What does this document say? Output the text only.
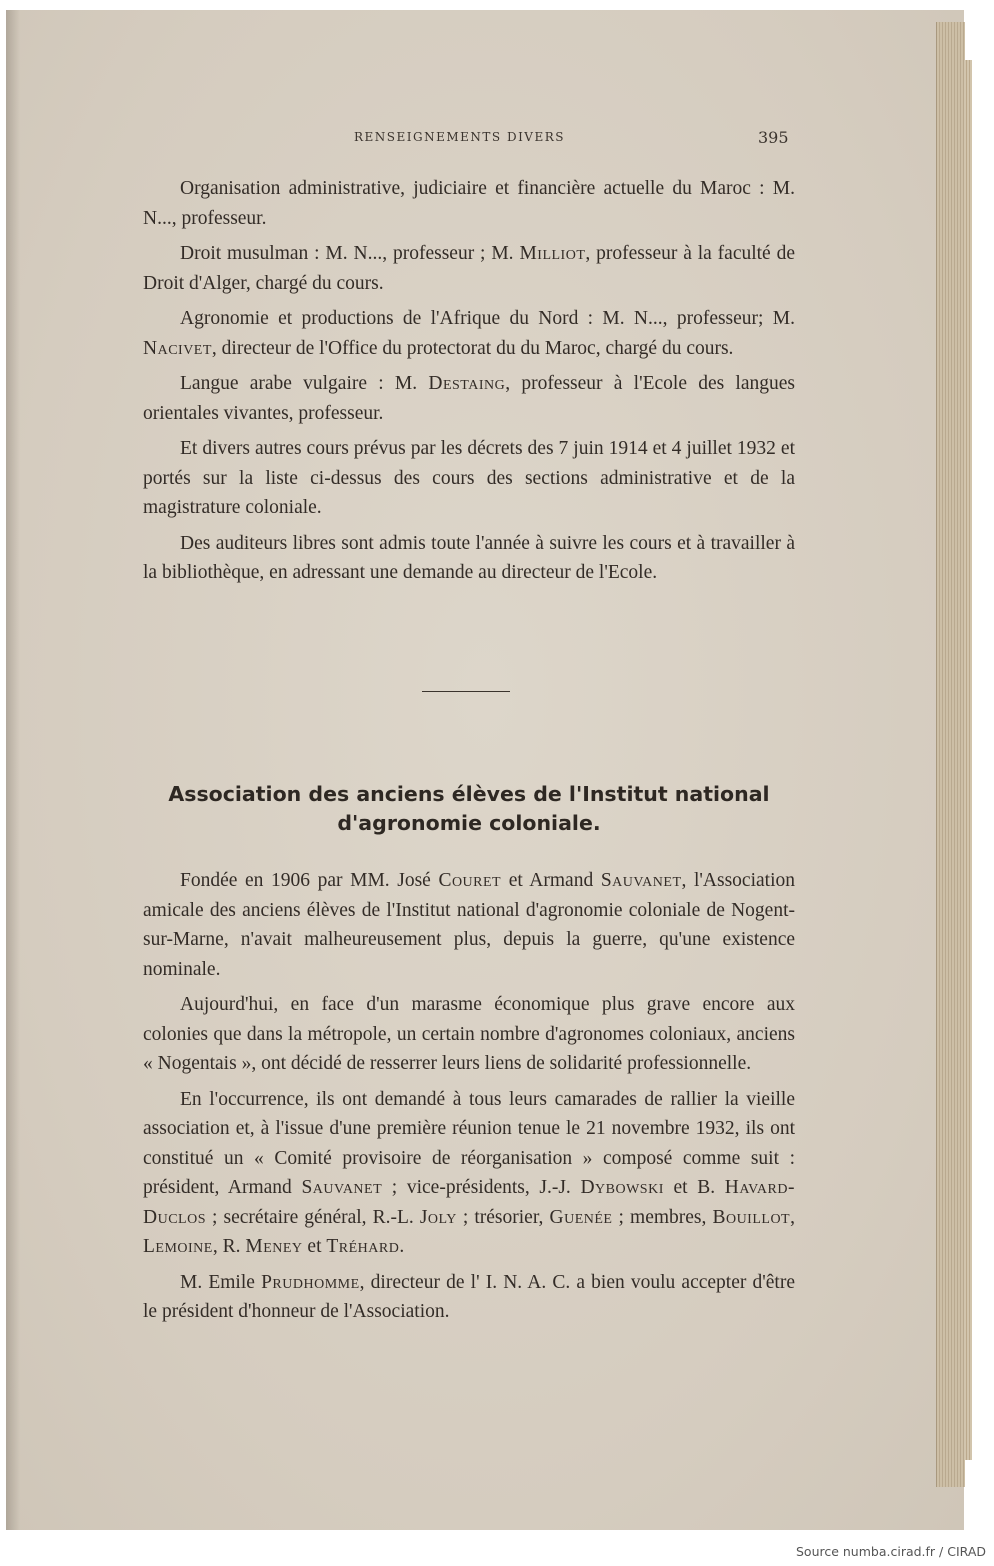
RENSEIGNEMENTS DIVERS	395

Organisation administrative, judiciaire et financière actuelle du Maroc : M. N..., professeur.

Droit musulman : M. N..., professeur ; M. Milliot, professeur à la faculté de Droit d'Alger, chargé du cours.

Agronomie et productions de l'Afrique du Nord : M. N..., professeur; M. Nacivet, directeur de l'Office du protectorat du du Maroc, chargé du cours.

Langue arabe vulgaire : M. Destaing, professeur à l'Ecole des langues orientales vivantes, professeur.

Et divers autres cours prévus par les décrets des 7 juin 1914 et 4 juillet 1932 et portés sur la liste ci-dessus des cours des sections administrative et de la magistrature coloniale.

Des auditeurs libres sont admis toute l'année à suivre les cours et à travailler à la bibliothèque, en adressant une demande au directeur de l'Ecole.

Association des anciens élèves de l'Institut national
d'agronomie coloniale.

Fondée en 1906 par MM. José Couret et Armand Sauvanet, l'Association amicale des anciens élèves de l'Institut national d'agronomie coloniale de Nogent-sur-Marne, n'avait malheureusement plus, depuis la guerre, qu'une existence nominale.

Aujourd'hui, en face d'un marasme économique plus grave encore aux colonies que dans la métropole, un certain nombre d'agronomes coloniaux, anciens « Nogentais », ont décidé de resserrer leurs liens de solidarité professionnelle.

En l'occurrence, ils ont demandé à tous leurs camarades de rallier la vieille association et, à l'issue d'une première réunion tenue le 21 novembre 1932, ils ont constitué un « Comité provisoire de réorganisation » composé comme suit : président, Armand Sauvanet ; vice-présidents, J.-J. Dybowski et B. Havard-Duclos ; secrétaire général, R.-L. Joly ; trésorier, Guenée ; membres, Bouillot, Lemoine, R. Meney et Tréhard.

M. Emile Prudhomme, directeur de l' I. N. A. C. a bien voulu accepter d'être le président d'honneur de l'Association.

Source numba.cirad.fr / CIRAD
